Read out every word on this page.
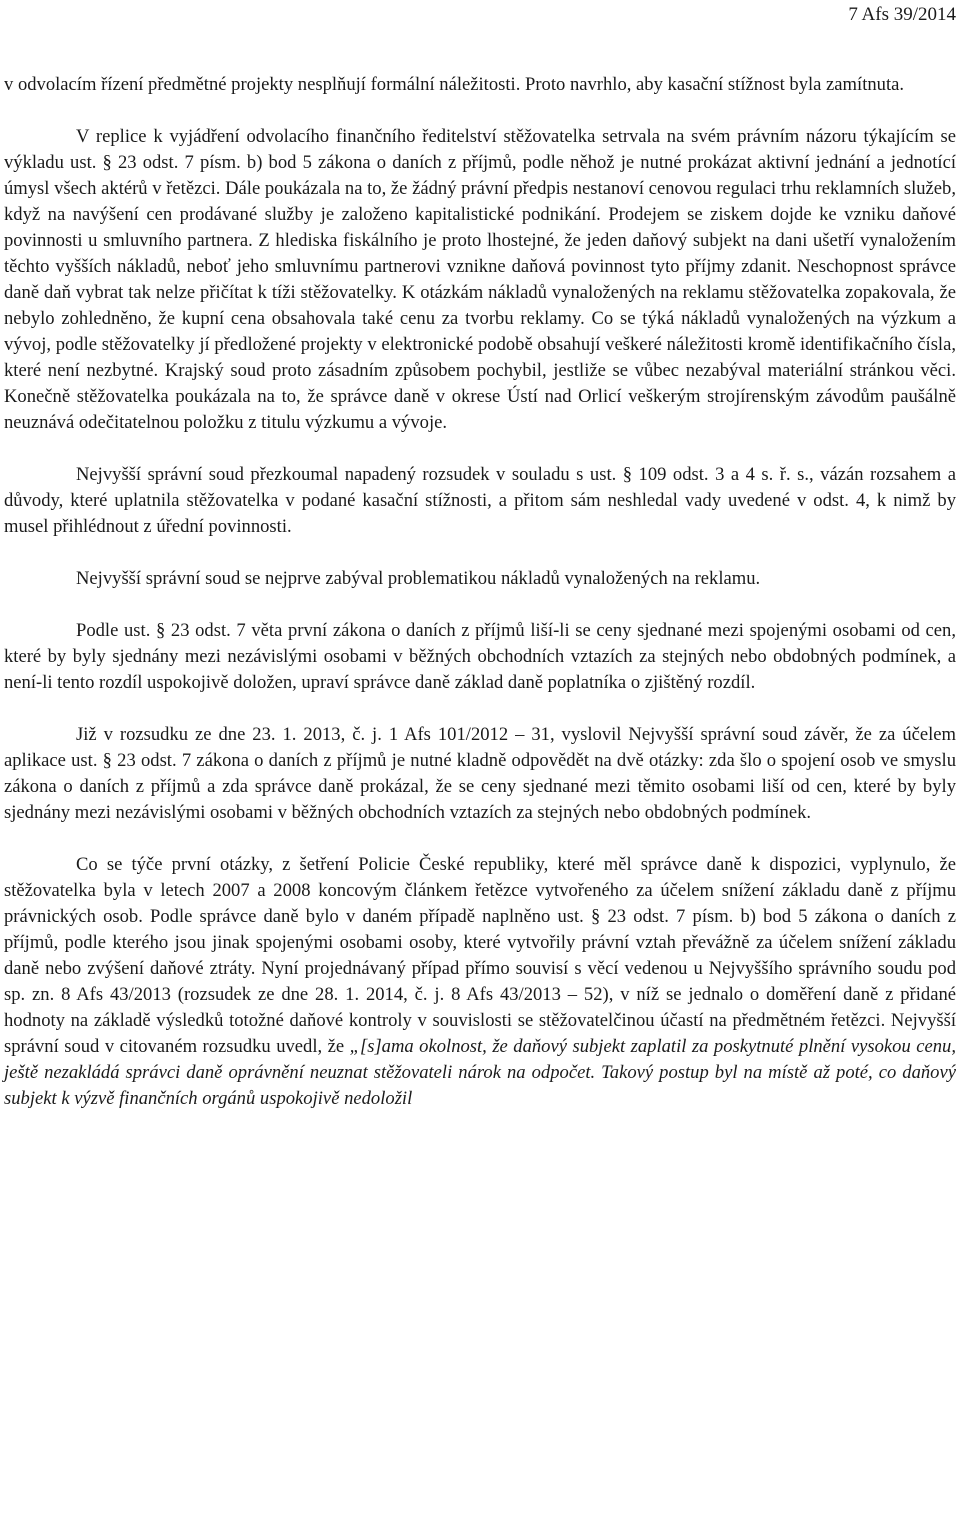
7 Afs 39/2014

v odvolacím řízení předmětné projekty nesplňují formální náležitosti. Proto navrhlo, aby kasační stížnost byla zamítnuta.

V replice k vyjádření odvolacího finančního ředitelství stěžovatelka setrvala na svém právním názoru týkajícím se výkladu ust. § 23 odst. 7 písm. b) bod 5 zákona o daních z příjmů, podle něhož je nutné prokázat aktivní jednání a jednotící úmysl všech aktérů v řetězci. Dále poukázala na to, že žádný právní předpis nestanoví cenovou regulaci trhu reklamních služeb, když na navýšení cen prodávané služby je založeno kapitalistické podnikání. Prodejem se ziskem dojde ke vzniku daňové povinnosti u smluvního partnera. Z hlediska fiskálního je proto lhostejné, že jeden daňový subjekt na dani ušetří vynaložením těchto vyšších nákladů, neboť jeho smluvnímu partnerovi vznikne daňová povinnost tyto příjmy zdanit. Neschopnost správce daně daň vybrat tak nelze přičítat k tíži stěžovatelky. K otázkám nákladů vynaložených na reklamu stěžovatelka zopakovala, že nebylo zohledněno, že kupní cena obsahovala také cenu za tvorbu reklamy. Co se týká nákladů vynaložených na výzkum a vývoj, podle stěžovatelky jí předložené projekty v elektronické podobě obsahují veškeré náležitosti kromě identifikačního čísla, které není nezbytné. Krajský soud proto zásadním způsobem pochybil, jestliže se vůbec nezabýval materiální stránkou věci. Konečně stěžovatelka poukázala na to, že správce daně v okrese Ústí nad Orlicí veškerým strojírenským závodům paušálně neuznává odečitatelnou položku z titulu výzkumu a vývoje.

Nejvyšší správní soud přezkoumal napadený rozsudek v souladu s ust. § 109 odst. 3 a 4 s. ř. s., vázán rozsahem a důvody, které uplatnila stěžovatelka v podané kasační stížnosti, a přitom sám neshledal vady uvedené v odst. 4, k nimž by musel přihlédnout z úřední povinnosti.

Nejvyšší správní soud se nejprve zabýval problematikou nákladů vynaložených na reklamu.

Podle ust. § 23 odst. 7 věta první zákona o daních z příjmů liší-li se ceny sjednané mezi spojenými osobami od cen, které by byly sjednány mezi nezávislými osobami v běžných obchodních vztazích za stejných nebo obdobných podmínek, a není-li tento rozdíl uspokojivě doložen, upraví správce daně základ daně poplatníka o zjištěný rozdíl.

Již v rozsudku ze dne 23. 1. 2013, č. j. 1 Afs 101/2012 – 31, vyslovil Nejvyšší správní soud závěr, že za účelem aplikace ust. § 23 odst. 7 zákona o daních z příjmů je nutné kladně odpovědět na dvě otázky: zda šlo o spojení osob ve smyslu zákona o daních z příjmů a zda správce daně prokázal, že se ceny sjednané mezi těmito osobami liší od cen, které by byly sjednány mezi nezávislými osobami v běžných obchodních vztazích za stejných nebo obdobných podmínek.

Co se týče první otázky, z šetření Policie České republiky, které měl správce daně k dispozici, vyplynulo, že stěžovatelka byla v letech 2007 a 2008 koncovým článkem řetězce vytvořeného za účelem snížení základu daně z příjmu právnických osob. Podle správce daně bylo v daném případě naplněno ust. § 23 odst. 7 písm. b) bod 5 zákona o daních z příjmů, podle kterého jsou jinak spojenými osobami osoby, které vytvořily právní vztah převážně za účelem snížení základu daně nebo zvýšení daňové ztráty. Nyní projednávaný případ přímo souvisí s věcí vedenou u Nejvyššího správního soudu pod sp. zn. 8 Afs 43/2013 (rozsudek ze dne 28. 1. 2014, č. j. 8 Afs 43/2013 – 52), v níž se jednalo o doměření daně z přidané hodnoty na základě výsledků totožné daňové kontroly v souvislosti se stěžovatelčinou účastí na předmětném řetězci. Nejvyšší správní soud v citovaném rozsudku uvedl, že „[s]ama okolnost, že daňový subjekt zaplatil za poskytnuté plnění vysokou cenu, ještě nezakládá správci daně oprávnění neuznat stěžovateli nárok na odpočet. Takový postup byl na místě až poté, co daňový subjekt k výzvě finančních orgánů uspokojivě nedoložil
